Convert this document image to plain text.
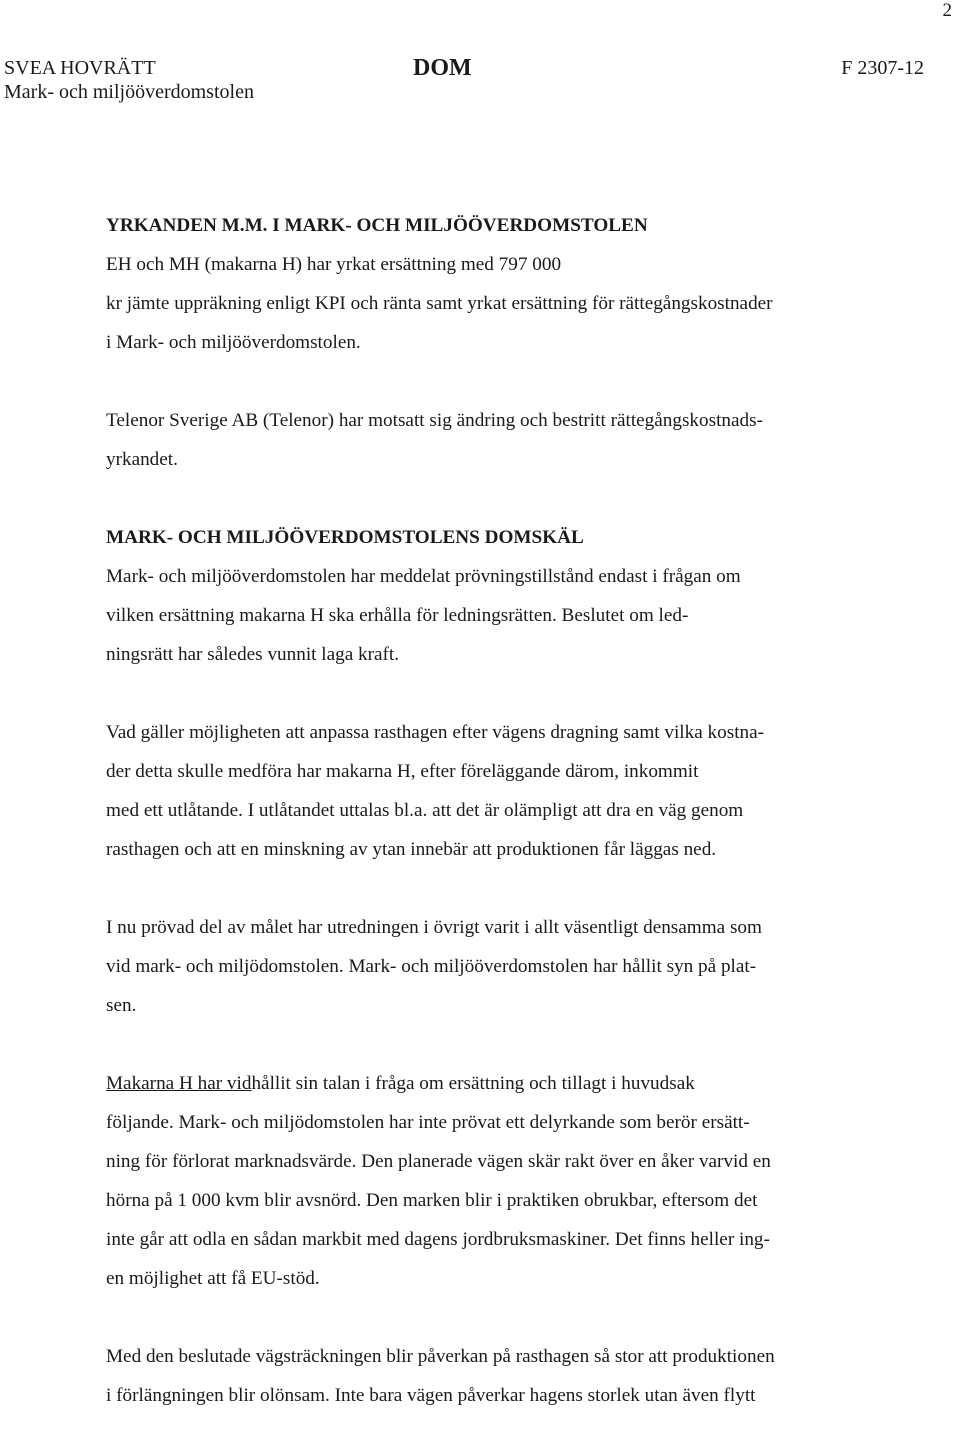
2
SVEA HOVRÄTT
Mark- och miljööverdomstolen
DOM	F 2307-12
YRKANDEN M.M. I MARK- OCH MILJÖÖVERDOMSTOLEN
EH och MH (makarna H) har yrkat ersättning med 797 000
kr jämte uppräkning enligt KPI och ränta samt yrkat ersättning för rättegångskostnader
i Mark- och miljööverdomstolen.
Telenor Sverige AB (Telenor) har motsatt sig ändring och bestritt rättegångskostnads-
yrkandet.
MARK- OCH MILJÖÖVERDOMSTOLENS DOMSKÄL
Mark- och miljööverdomstolen har meddelat prövningstillstånd endast i frågan om
vilken ersättning makarna H ska erhålla för ledningsrätten. Beslutet om led-
ningsrätt har således vunnit laga kraft.
Vad gäller möjligheten att anpassa rasthagen efter vägens dragning samt vilka kostna-
der detta skulle medföra har makarna H, efter föreläggande därom, inkommit
med ett utlåtande. I utlåtandet uttalas bl.a. att det är olämpligt att dra en väg genom
rasthagen och att en minskning av ytan innebär att produktionen får läggas ned.
I nu prövad del av målet har utredningen i övrigt varit i allt väsentligt densamma som
vid mark- och miljödomstolen. Mark- och miljööverdomstolen har hållit syn på plat-
sen.
Makarna H har vidhållit sin talan i fråga om ersättning och tillagt i huvudsak
följande. Mark- och miljödomstolen har inte prövat ett delyrkande som berör ersätt-
ning för förlorat marknadsvärde. Den planerade vägen skär rakt över en åker varvid en
hörna på 1 000 kvm blir avsnörd. Den marken blir i praktiken obrukbar, eftersom det
inte går att odla en sådan markbit med dagens jordbruksmaskiner. Det finns heller ing-
en möjlighet att få EU-stöd.
Med den beslutade vägsträckningen blir påverkan på rasthagen så stor att produktionen
i förlängningen blir olönsam. Inte bara vägen påverkar hagens storlek utan även flytt
